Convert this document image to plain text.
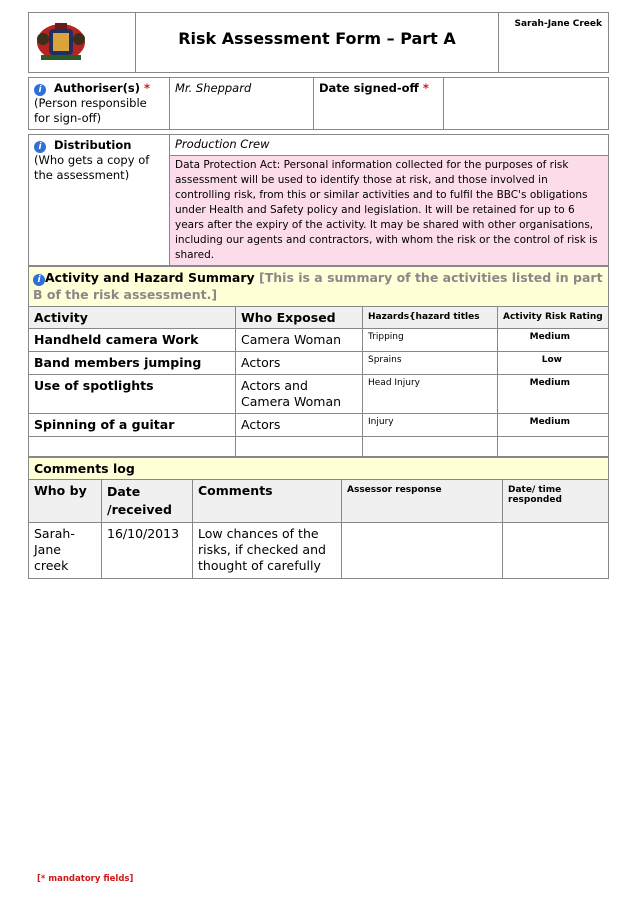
	Risk Assessment Form – Part A	Sarah-Jane Creek
i Authoriser(s) *
(Person responsible for sign-off)	Mr. Sheppard	Date signed-off *	
i Distribution
(Who gets a copy of the assessment)	Production Crew
Data Protection Act: Personal information collected for the purposes of risk assessment will be used to identify those at risk, and those involved in controlling risk, from this or similar activities and to fulfil the BBC's obligations under Health and Safety policy and legislation. It will be retained for up to 6 years after the expiry of the activity. It may be shared with other organisations, including our agents and contractors, with whom the risk or the control of risk is shared.
i Activity and Hazard Summary [This is a summary of the activities listed in part B of the risk assessment.]			
Activity	Who Exposed	Hazards{hazard titles	Activity Risk Rating
Handheld camera Work	Camera Woman	Tripping	Medium
Band members jumping	Actors	Sprains	Low
Use of spotlights	Actors and Camera Woman	Head Injury	Medium
Spinning of a guitar	Actors	Injury	Medium

Comments log				
Who by	Date /received	Comments	Assessor response	Date/ time responded
Sarah-Jane creek	16/10/2013	Low chances of the risks, if checked and thought of carefully		
[* mandatory fields]
